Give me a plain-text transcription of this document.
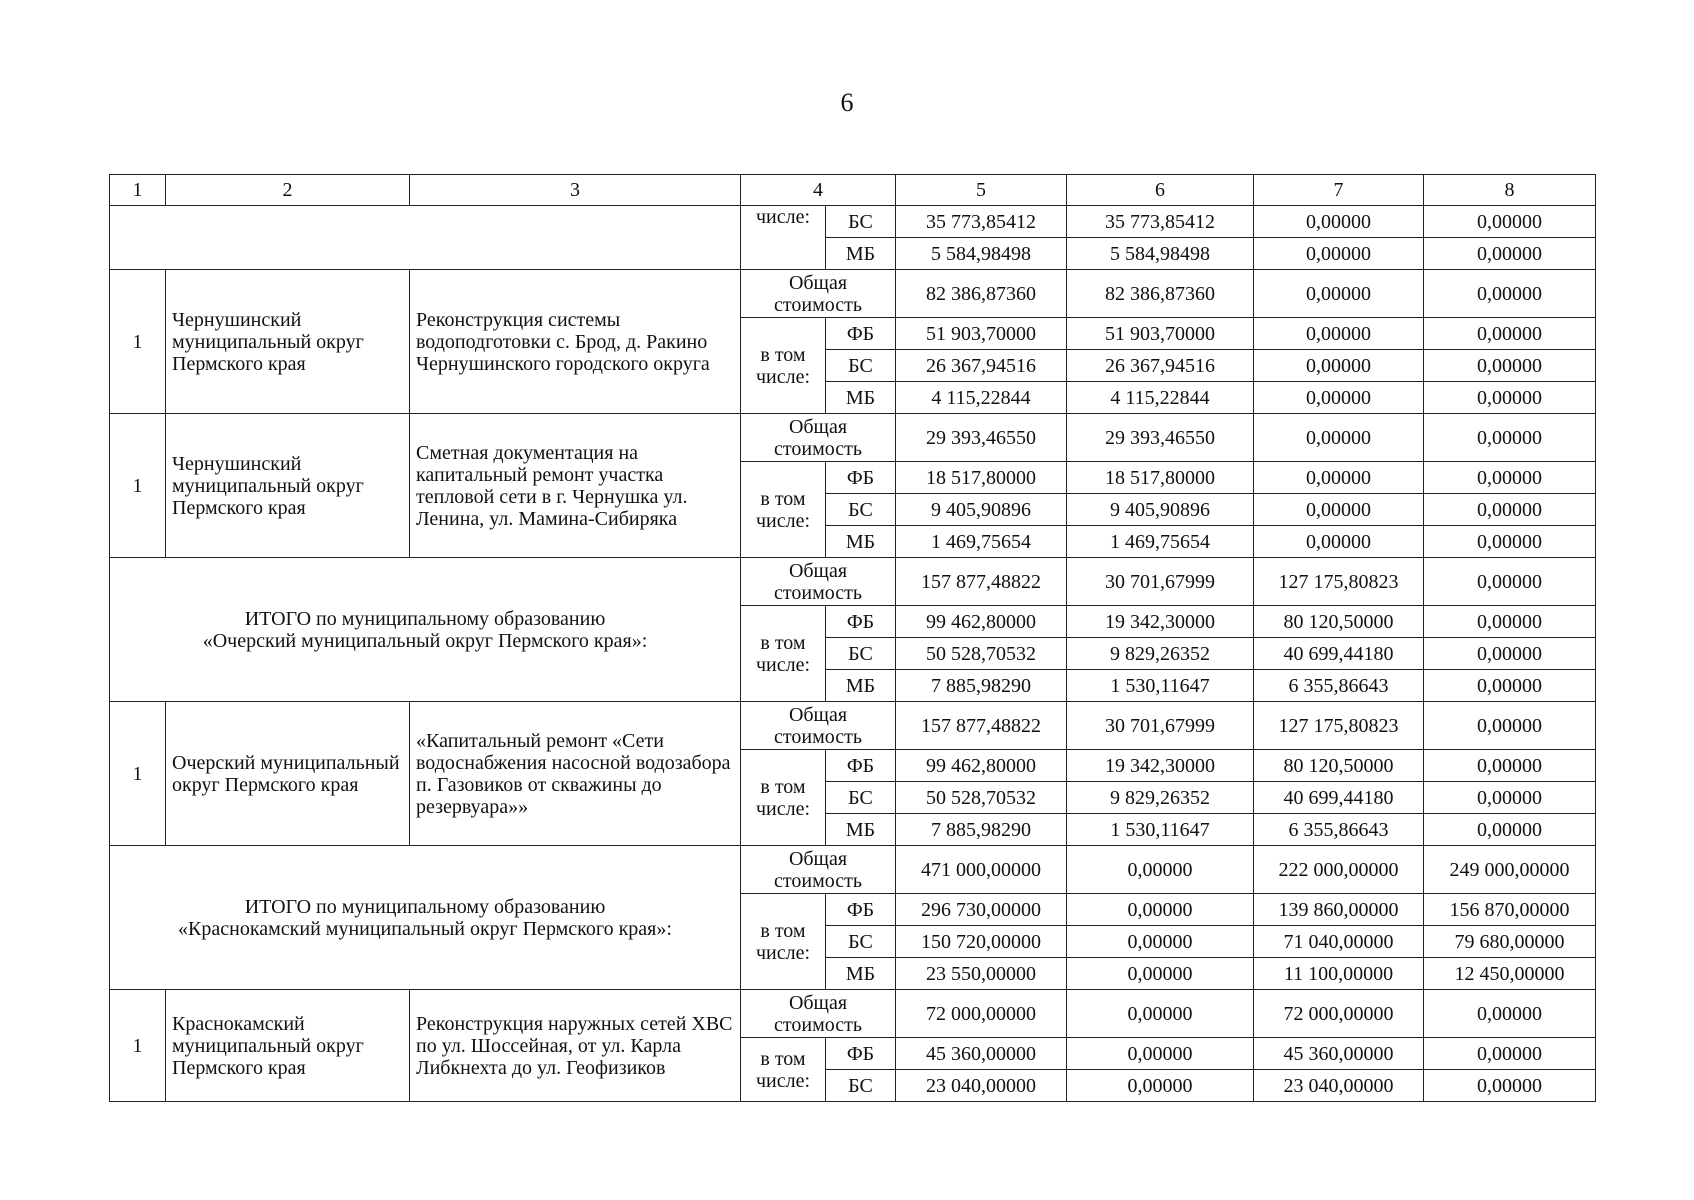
6
1	2	3	4		5	6	7	8
			числе:	БС	35 773,85412	35 773,85412	0,00000	0,00000
				МБ	5 584,98498	5 584,98498	0,00000	0,00000
1	Чернушинский муниципальный округ Пермского края	Реконструкция системы водоподготовки с. Брод, д. Ракино Чернушинского городского округа	Общая стоимость		82 386,87360	82 386,87360	0,00000	0,00000
			в том числе:	ФБ	51 903,70000	51 903,70000	0,00000	0,00000
				БС	26 367,94516	26 367,94516	0,00000	0,00000
				МБ	4 115,22844	4 115,22844	0,00000	0,00000
1	Чернушинский муниципальный округ Пермского края	Сметная документация на капитальный ремонт участка тепловой сети в г. Чернушка ул. Ленина, ул. Мамина-Сибиряка	Общая стоимость		29 393,46550	29 393,46550	0,00000	0,00000
			в том числе:	ФБ	18 517,80000	18 517,80000	0,00000	0,00000
				БС	9 405,90896	9 405,90896	0,00000	0,00000
				МБ	1 469,75654	1 469,75654	0,00000	0,00000

ИТОГО по муниципальному образованию
«Очерский муниципальный округ Пермского края»:			Общая стоимость		157 877,48822	30 701,67999	127 175,80823	0,00000
			в том числе:	ФБ	99 462,80000	19 342,30000	80 120,50000	0,00000
				БС	50 528,70532	9 829,26352	40 699,44180	0,00000
				МБ	7 885,98290	1 530,11647	6 355,86643	0,00000
1	Очерский муниципальный округ Пермского края	«Капитальный ремонт «Сети водоснабжения насосной водозабора п. Газовиков от скважины до резервуара»»	Общая стоимость		157 877,48822	30 701,67999	127 175,80823	0,00000
			в том числе:	ФБ	99 462,80000	19 342,30000	80 120,50000	0,00000
				БС	50 528,70532	9 829,26352	40 699,44180	0,00000
				МБ	7 885,98290	1 530,11647	6 355,86643	0,00000

ИТОГО по муниципальному образованию
«Краснокамский муниципальный округ Пермского края»:			Общая стоимость		471 000,00000	0,00000	222 000,00000	249 000,00000
			в том числе:	ФБ	296 730,00000	0,00000	139 860,00000	156 870,00000
				БС	150 720,00000	0,00000	71 040,00000	79 680,00000
				МБ	23 550,00000	0,00000	11 100,00000	12 450,00000
1	Краснокамский муниципальный округ Пермского края	Реконструкция наружных сетей ХВС по ул. Шоссейная, от ул. Карла Либкнехта до ул. Геофизиков	Общая стоимость		72 000,00000	0,00000	72 000,00000	0,00000
			в том числе:	ФБ	45 360,00000	0,00000	45 360,00000	0,00000
				БС	23 040,00000	0,00000	23 040,00000	0,00000
